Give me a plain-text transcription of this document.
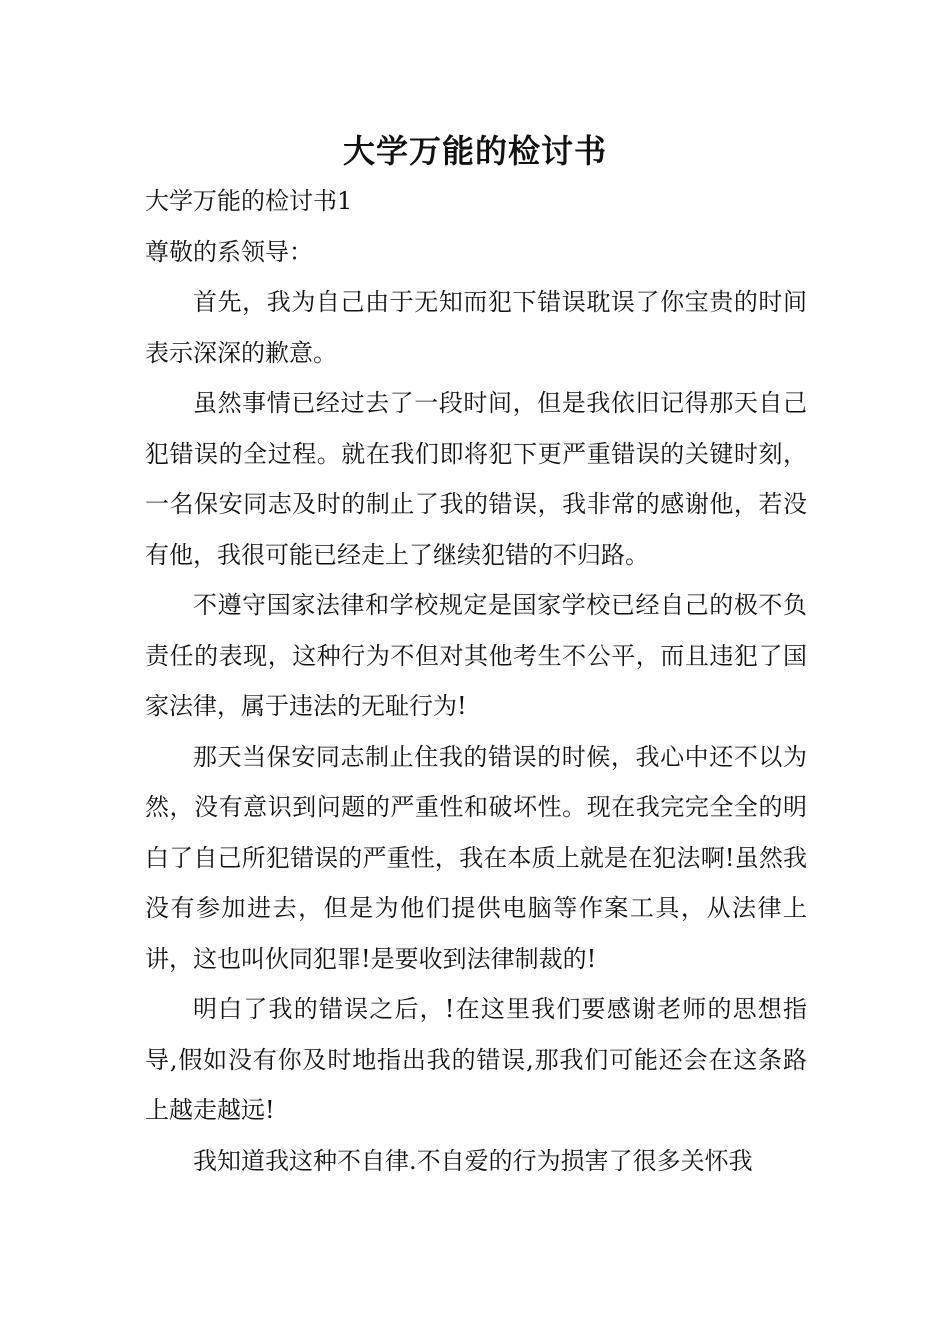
大学万能的检讨书

大学万能的检讨书1

尊敬的系领导：

首先，我为自己由于无知而犯下错误耽误了你宝贵的时间表示深深的歉意。

虽然事情已经过去了一段时间，但是我依旧记得那天自己犯错误的全过程。就在我们即将犯下更严重错误的关键时刻，一名保安同志及时的制止了我的错误，我非常的感谢他，若没有他，我很可能已经走上了继续犯错的不归路。

不遵守国家法律和学校规定是国家学校已经自己的极不负责任的表现，这种行为不但对其他考生不公平，而且违犯了国家法律，属于违法的无耻行为!

那天当保安同志制止住我的错误的时候，我心中还不以为然，没有意识到问题的严重性和破坏性。现在我完完全全的明白了自己所犯错误的严重性，我在本质上就是在犯法啊!虽然我没有参加进去，但是为他们提供电脑等作案工具，从法律上讲，这也叫伙同犯罪!是要收到法律制裁的!

明白了我的错误之后，!在这里我们要感谢老师的思想指导,假如没有你及时地指出我的错误,那我们可能还会在这条路上越走越远!

我知道我这种不自律.不自爱的行为损害了很多关怀我
